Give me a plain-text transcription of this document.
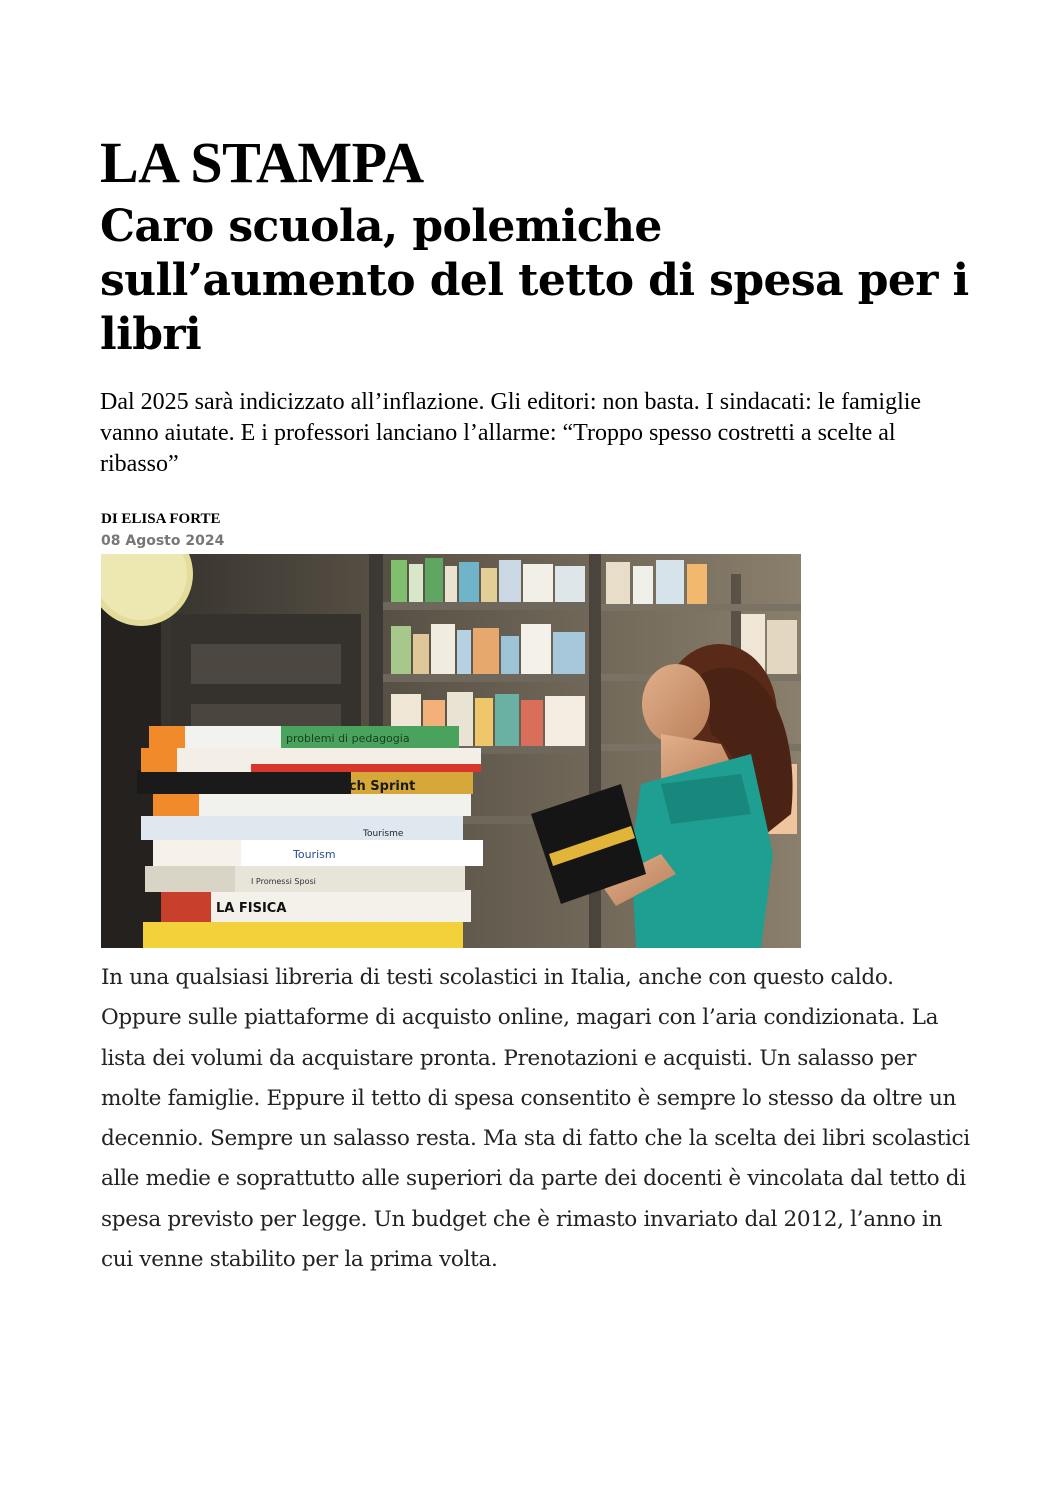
LA STAMPA
Caro scuola, polemiche sull’aumento del tetto di spesa per i libri

Dal 2025 sarà indicizzato all’inflazione. Gli editori: non basta. I sindacati: le famiglie vanno aiutate. E i professori lanciano l’allarme: “Troppo spesso costretti a scelte al ribasso”

DI ELISA FORTE
08 Agosto 2024
problemi di pedagogia
Deutsch Sprint
Tourisme
Tourism
I Promessi Sposi
LA FISICA

In una qualsiasi libreria di testi scolastici in Italia, anche con questo caldo. Oppure sulle piattaforme di acquisto online, magari con l’aria condizionata. La lista dei volumi da acquistare pronta. Prenotazioni e acquisti. Un salasso per molte famiglie. Eppure il tetto di spesa consentito è sempre lo stesso da oltre un decennio. Sempre un salasso resta. Ma sta di fatto che la scelta dei libri scolastici alle medie e soprattutto alle superiori da parte dei docenti è vincolata dal tetto di spesa previsto per legge. Un budget che è rimasto invariato dal 2012, l’anno in cui venne stabilito per la prima volta.
